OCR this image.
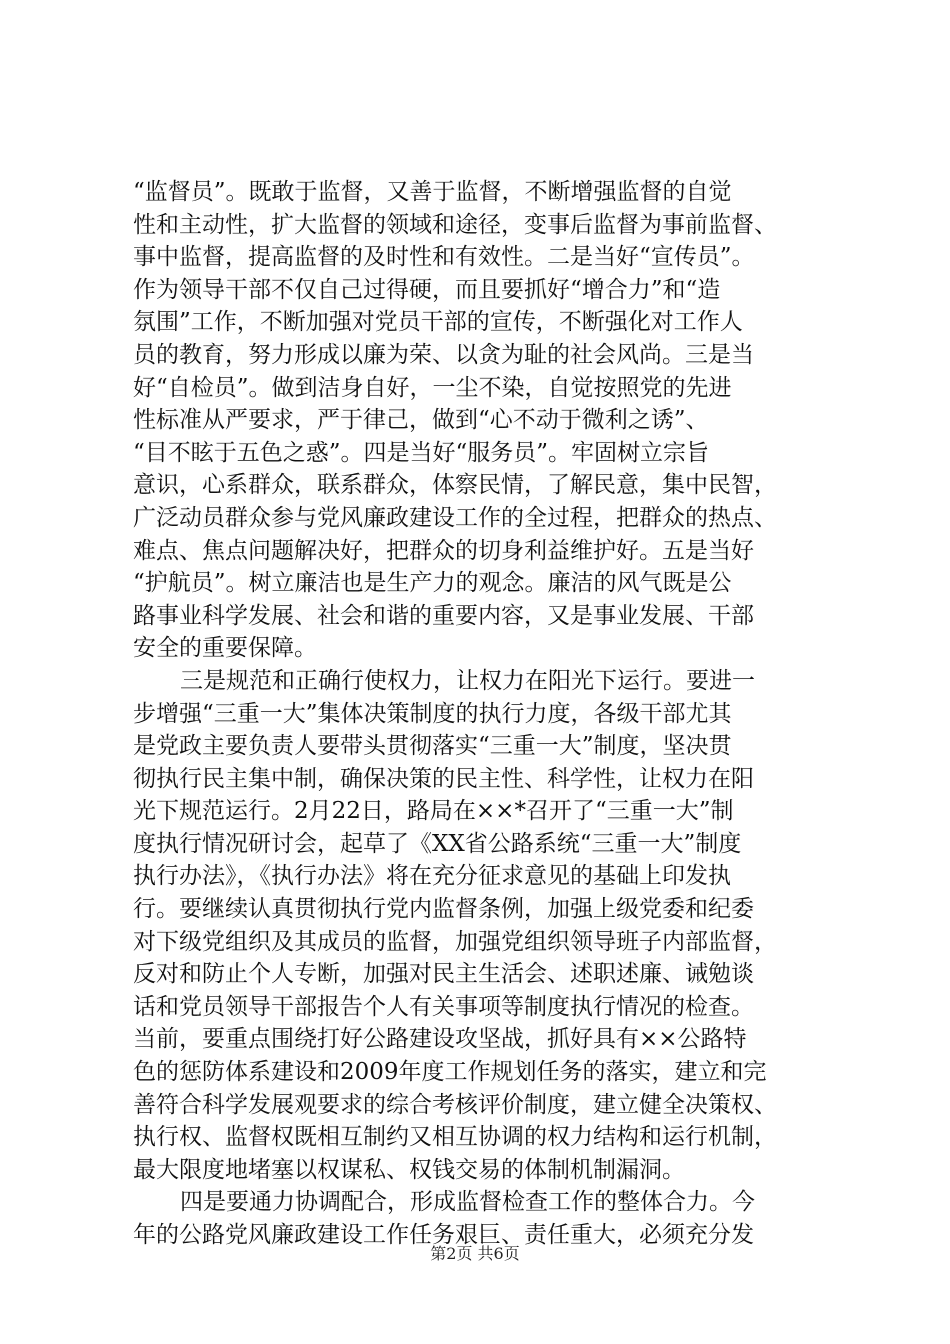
“监督员”。既敢于监督，又善于监督，不断增强监督的自觉
性和主动性，扩大监督的领域和途径，变事后监督为事前监督、
事中监督，提高监督的及时性和有效性。二是当好“宣传员”。
作为领导干部不仅自己过得硬，而且要抓好“增合力”和“造
氛围”工作，不断加强对党员干部的宣传，不断强化对工作人
员的教育，努力形成以廉为荣、以贪为耻的社会风尚。三是当
好“自检员”。做到洁身自好，一尘不染，自觉按照党的先进
性标准从严要求，严于律己，做到“心不动于微利之诱”、
“目不眩于五色之惑”。四是当好“服务员”。牢固树立宗旨
意识，心系群众，联系群众，体察民情，了解民意，集中民智，
广泛动员群众参与党风廉政建设工作的全过程，把群众的热点、
难点、焦点问题解决好，把群众的切身利益维护好。五是当好
“护航员”。树立廉洁也是生产力的观念。廉洁的风气既是公
路事业科学发展、社会和谐的重要内容，又是事业发展、干部
安全的重要保障。
三是规范和正确行使权力，让权力在阳光下运行。要进一
步增强“三重一大”集体决策制度的执行力度，各级干部尤其
是党政主要负责人要带头贯彻落实“三重一大”制度，坚决贯
彻执行民主集中制，确保决策的民主性、科学性，让权力在阳
光下规范运行。2月22日，路局在××*召开了“三重一大”制
度执行情况研讨会，起草了《XX省公路系统“三重一大”制度
执行办法》，《执行办法》将在充分征求意见的基础上印发执
行。要继续认真贯彻执行党内监督条例，加强上级党委和纪委
对下级党组织及其成员的监督，加强党组织领导班子内部监督，
反对和防止个人专断，加强对民主生活会、述职述廉、诫勉谈
话和党员领导干部报告个人有关事项等制度执行情况的检查。
当前，要重点围绕打好公路建设攻坚战，抓好具有××公路特
色的惩防体系建设和2009年度工作规划任务的落实，建立和完
善符合科学发展观要求的综合考核评价制度，建立健全决策权、
执行权、监督权既相互制约又相互协调的权力结构和运行机制，
最大限度地堵塞以权谋私、权钱交易的体制机制漏洞。
四是要通力协调配合，形成监督检查工作的整体合力。今
年的公路党风廉政建设工作任务艰巨、责任重大，必须充分发
第2页 共6页
